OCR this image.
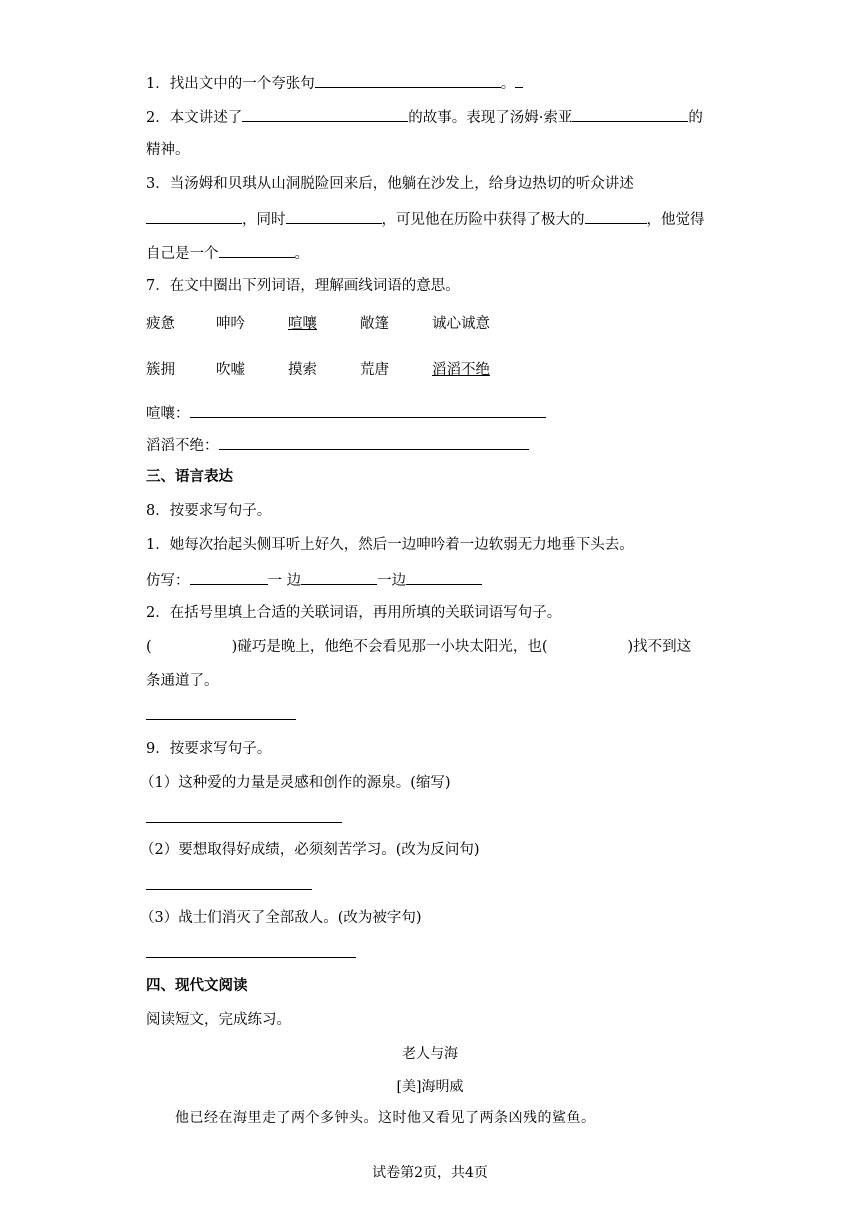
1．找出文中的一个夸张句	。
2．本文讲述了	的故事。表现了汤姆·索亚	的
精神。
3．当汤姆和贝琪从山洞脱险回来后，他躺在沙发上，给身边热切的听众讲述
，同时	，可见他在历险中获得了极大的	，他觉得
自己是一个	。
7．在文中圈出下列词语，理解画线词语的意思。
疲惫	呻吟	喧嚷	敞篷	诚心诚意
簇拥	吹嘘	摸索	荒唐	滔滔不绝
喧嚷：
滔滔不绝：
三、语言表达
8．按要求写句子。
1．她每次抬起头侧耳听上好久，然后一边呻吟着一边软弱无力地垂下头去。
仿写：	一 边	一边
2．在括号里填上合适的关联词语，再用所填的关联词语写句子。
(	)碰巧是晚上，他绝不会看见那一小块太阳光，也(	)找不到这
条通道了。
9．按要求写句子。
（1）这种爱的力量是灵感和创作的源泉。(缩写)
（2）要想取得好成绩，必须刻苦学习。(改为反问句)
（3）战士们消灭了全部敌人。(改为被字句)
四、现代文阅读
阅读短文，完成练习。
老人与海
[美]海明威
他已经在海里走了两个多钟头。这时他又看见了两条凶残的鲨鱼。
试卷第2页，共4页
